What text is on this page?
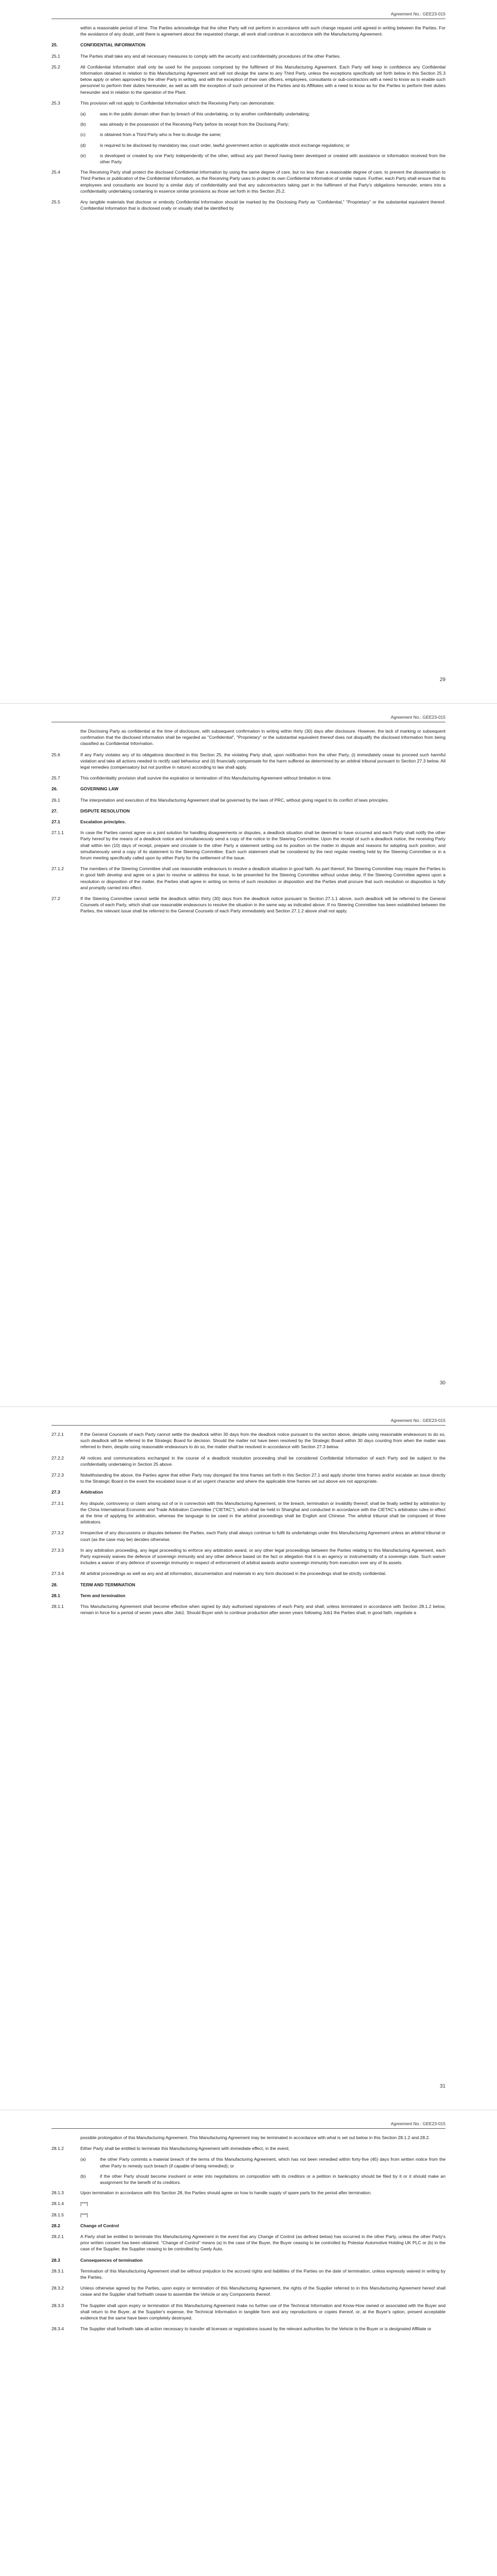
Agreement No.: GEE23-015
within a reasonable period of time. The Parties acknowledge that the other Party will not perform in accordance with such change request until agreed in writing between the Parties. For the avoidance of any doubt, until there is agreement about the requested change, all work shall continue in accordance with the Manufacturing Agreement.
25.	CONFIDENTIAL INFORMATION
25.1	The Parties shall take any and all necessary measures to comply with the security and confidentiality procedures of the other Parties.
25.2	All Confidential Information shall only be used for the purposes comprised by the fulfilment of this Manufacturing Agreement. Each Party will keep in confidence any Confidential Information obtained in relation to this Manufacturing Agreement and will not divulge the same to any Third Party, unless the exceptions specifically set forth below in this Section 25.3 below apply or when approved by the other Party in writing, and with the exception of their own officers, employees, consultants or sub-contractors with a need to know as to enable such personnel to perform their duties hereunder, as well as with the exception of such personnel of the Parties and its Affiliates with a need to know as for the Parties to perform their duties hereunder and in relation to the operation of the Plant.
25.3	This provision will not apply to Confidential Information which the Receiving Party can demonstrate:
(a)	was in the public domain other than by breach of this undertaking, or by another confidentiality undertaking;
(b)	was already in the possession of the Receiving Party before its receipt from the Disclosing Party;
(c)	is obtained from a Third Party who is free to divulge the same;
(d)	is required to be disclosed by mandatory law, court order, lawful government action or applicable stock exchange regulations; or
(e)	is developed or created by one Party independently of the other, without any part thereof having been developed or created with assistance or information received from the other Party.
25.4	The Receiving Party shall protect the disclosed Confidential Information by using the same degree of care, but no less than a reasonable degree of care, to prevent the dissemination to Third Parties or publication of the Confidential Information, as the Receiving Party uses to protect its own Confidential Information of similar nature. Further, each Party shall ensure that its employees and consultants are bound by a similar duty of confidentiality and that any subcontractors taking part in the fulfilment of that Party's obligations hereunder, enters into a confidentiality undertaking containing in essence similar provisions as those set forth in this Section 25.2.
25.5	Any tangible materials that disclose or embody Confidential Information should be marked by the Disclosing Party as "Confidential," "Proprietary" or the substantial equivalent thereof. Confidential Information that is disclosed orally or visually shall be identified by
29
Agreement No.: GEE23-015
the Disclosing Party as confidential at the time of disclosure, with subsequent confirmation in writing within thirty (30) days after disclosure. However, the lack of marking or subsequent confirmation that the disclosed information shall be regarded as "Confidential", "Proprietary" or the substantial equivalent thereof does not disqualify the disclosed information from being classified as Confidential Information.
25.6	If any Party violates any of its obligations described in this Section 25, the violating Party shall, upon notification from the other Party, (i) immediately cease its proceed such harmful violation and take all actions needed to rectify said behaviour and (ii) financially compensate for the harm suffered as determined by an arbitral tribunal pursuant to Section 27.3 below. All legal remedies (compensatory but not punitive in nature) according to law shall apply.
25.7	This confidentiality provision shall survive the expiration or termination of this Manufacturing Agreement without limitation in time.
26.	GOVERNING LAW
26.1	The interpretation and execution of this Manufacturing Agreement shall be governed by the laws of PRC, without giving regard to its conflict of laws principles.
27.	DISPUTE RESOLUTION
27.1	Escalation principles.
27.1.1	In case the Parties cannot agree on a joint solution for handling disagreements or disputes, a deadlock situation shall be deemed to have occurred and each Party shall notify the other Party hereof by the means of a deadlock notice and simultaneously send a copy of the notice to the Steering Committee. Upon the receipt of such a deadlock notice, the receiving Party shall within ten (10) days of receipt, prepare and circulate to the other Party a statement setting out its position on the matter in dispute and reasons for adopting such position, and simultaneously send a copy of its statement to the Steering Committee. Each such statement shall be considered by the next regular meeting held by the Steering Committee or in a forum meeting specifically called upon by either Party for the settlement of the issue.
27.1.2	The members of the Steering Committee shall use reasonable endeavours to resolve a deadlock situation in good faith. As part thereof, the Steering Committee may require the Parties to in good faith develop and agree on a plan to resolve or address the issue, to be presented for the Steering Committee without undue delay. If the Steering Committee agrees upon a resolution or disposition of the matter, the Parties shall agree in writing on terms of such resolution or disposition and the Parties shall procure that such resolution or disposition is fully and promptly carried into effect.
27.2	If the Steering Committee cannot settle the deadlock within thirty (30) days from the deadlock notice pursuant to Section 27.1.1 above, such deadlock will be referred to the General Counsels of each Party, which shall use reasonable endeavours to resolve the situation in the same way as indicated above. If no Steering Committee has been established between the Parties, the relevant issue shall be referred to the General Counsels of each Party immediately and Section 27.1.2 above shall not apply.
30
Agreement No.: GEE23-015
27.2.1	If the General Counsels of each Party cannot settle the deadlock within 30 days from the deadlock notice pursuant to the section above, despite using reasonable endeavours to do so, such deadlock will be referred to the Strategic Board for decision. Should the matter not have been resolved by the Strategic Board within 30 days counting from when the matter was referred to them, despite using reasonable endeavours to do so, the matter shall be resolved in accordance with Section 27.3 below.
27.2.2	All notices and communications exchanged in the course of a deadlock resolution proceeding shall be considered Confidential Information of each Party and be subject to the confidentiality undertaking in Section 25 above.
27.2.3	Notwithstanding the above, the Parties agree that either Party may disregard the time frames set forth in this Section 27.1 and apply shorter time frames and/or escalate an issue directly to the Strategic Board in the event the escalated issue is of an urgent character and where the applicable time frames set out above are not appropriate.
27.3	Arbitration
27.3.1	Any dispute, controversy or claim arising out of or in connection with this Manufacturing Agreement, or the breach, termination or invalidity thereof, shall be finally settled by arbitration by the China International Economic and Trade Arbitration Committee ("CIETAC"), which shall be held in Shanghai and conducted in accordance with the CIETAC's arbitration rules in effect at the time of applying for arbitration, whereas the language to be used in the arbitral proceedings shall be English and Chinese. The arbitral tribunal shall be composed of three arbitrators.
27.3.2	Irrespective of any discussions or disputes between the Parties, each Party shall always continue to fulfil its undertakings under this Manufacturing Agreement unless an arbitral tribunal or court (as the case may be) decides otherwise.
27.3.3	In any arbitration proceeding, any legal proceeding to enforce any arbitration award, or any other legal proceedings between the Parties relating to this Manufacturing Agreement, each Party expressly waives the defence of sovereign immunity and any other defence based on the fact or allegation that it is an agency or instrumentality of a sovereign state. Such waiver includes a waiver of any defence of sovereign immunity in respect of enforcement of arbitral awards and/or sovereign immunity from execution over any of its assets.
27.3.4	All arbitral proceedings as well as any and all information, documentation and materials in any form disclosed in the proceedings shall be strictly confidential.
28.	TERM AND TERMINATION
28.1	Term and termination
28.1.1	This Manufacturing Agreement shall become effective when signed by duly authorised signatories of each Party and shall, unless terminated in accordance with Section 28.1.2 below, remain in force for a period of seven years after Job1. Should Buyer wish to continue production after seven years following Job1 the Parties shall, in good faith, negotiate a
31
Agreement No.: GEE23-015
possible prolongation of this Manufacturing Agreement. This Manufacturing Agreement may be terminated in accordance with what is set out below in this Section 28.1.2 and 28.2.
28.1.2	Either Party shall be entitled to terminate this Manufacturing Agreement with immediate effect, in the event;
(a)	the other Party commits a material breach of the terms of this Manufacturing Agreement, which has not been remedied within forty-five (45) days from written notice from the other Party to remedy such breach (if capable of being remedied); or
(b)	if the other Party should become insolvent or enter into negotiations on composition with its creditors or a petition in bankruptcy should be filed by it or it should make an assignment for the benefit of its creditors.
28.1.3	Upon termination in accordance with this Section 28, the Parties should agree on how to handle supply of spare parts for the period after termination.
28.1.4	[***]
28.1.5	[***]
28.2	Change of Control
28.2.1	A Party shall be entitled to terminate this Manufacturing Agreement in the event that any Change of Control (as defined below) has occurred in the other Party, unless the other Party's prior written consent has been obtained. "Change of Control" means (a) in the case of the Buyer, the Buyer ceasing to be controlled by Polestar Automotive Holding UK PLC or (b) in the case of the Supplier, the Supplier ceasing to be controlled by Geely Auto.
28.3	Consequences of termination
28.3.1	Termination of this Manufacturing Agreement shall be without prejudice to the accrued rights and liabilities of the Parties on the date of termination, unless expressly waived in writing by the Parties.
28.3.2	Unless otherwise agreed by the Parties, upon expiry or termination of this Manufacturing Agreement, the rights of the Supplier referred to in this Manufacturing Agreement hereof shall cease and the Supplier shall forthwith cease to assemble the Vehicle or any Components thereof.
28.3.3	The Supplier shall upon expiry or termination of this Manufacturing Agreement make no further use of the Technical Information and Know-How owned or associated with the Buyer and shall return to the Buyer, at the Supplier's expense, the Technical Information in tangible form and any reproductions or copies thereof, or, at the Buyer's option, present acceptable evidence that the same have been completely destroyed.
28.3.4	The Supplier shall forthwith take all action necessary to transfer all licenses or registrations issued by the relevant authorities for the Vehicle to the Buyer or is designated Affiliate or
